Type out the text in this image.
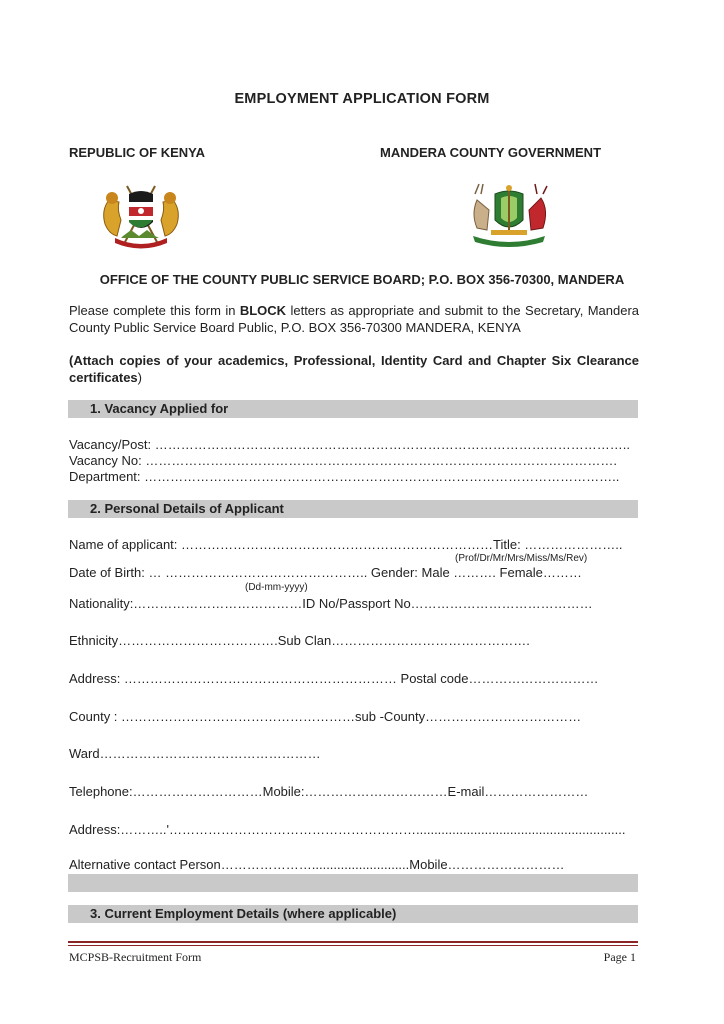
EMPLOYMENT APPLICATION FORM
REPUBLIC OF KENYA	MANDERA COUNTY GOVERNMENT
OFFICE OF THE COUNTY PUBLIC SERVICE BOARD; P.O. BOX 356-70300, MANDERA
Please complete this form in BLOCK letters as appropriate and submit to the Secretary, Mandera County Public Service Board Public, P.O. BOX 356-70300 MANDERA, KENYA
(Attach copies of your academics, Professional, Identity Card and Chapter Six Clearance certificates)
1. Vacancy Applied for
Vacancy/Post: ………………………………………………………………………………………………..
Vacancy No: ……………………………………………………………………………………………….
Department: ………………………………………………………………………………………………..
2. Personal Details of Applicant
Name of applicant: ………………………………………………………………Title: …………………..
(Prof/Dr/Mr/Mrs/Miss/Ms/Rev)
Date of Birth: … ……………………………………….. Gender: Male ………. Female………
(Dd-mm-yyyy)
Nationality:…………………………………ID No/Passport No……………………………………
Ethnicity……………………………….Sub Clan……………………………………….
Address: ……………………………………………………… Postal code…………………………
County : ………………………………………………sub -County………………………………
Ward……………………………………………
Telephone:…………………………Mobile:……………………………E-mail……………………
Address:………..'…………………………………………………..........................................................
Alternative contact Person…………………...........................Mobile………………………
3. Current Employment Details (where applicable)
MCPSB-Recruitment Form	Page 1
